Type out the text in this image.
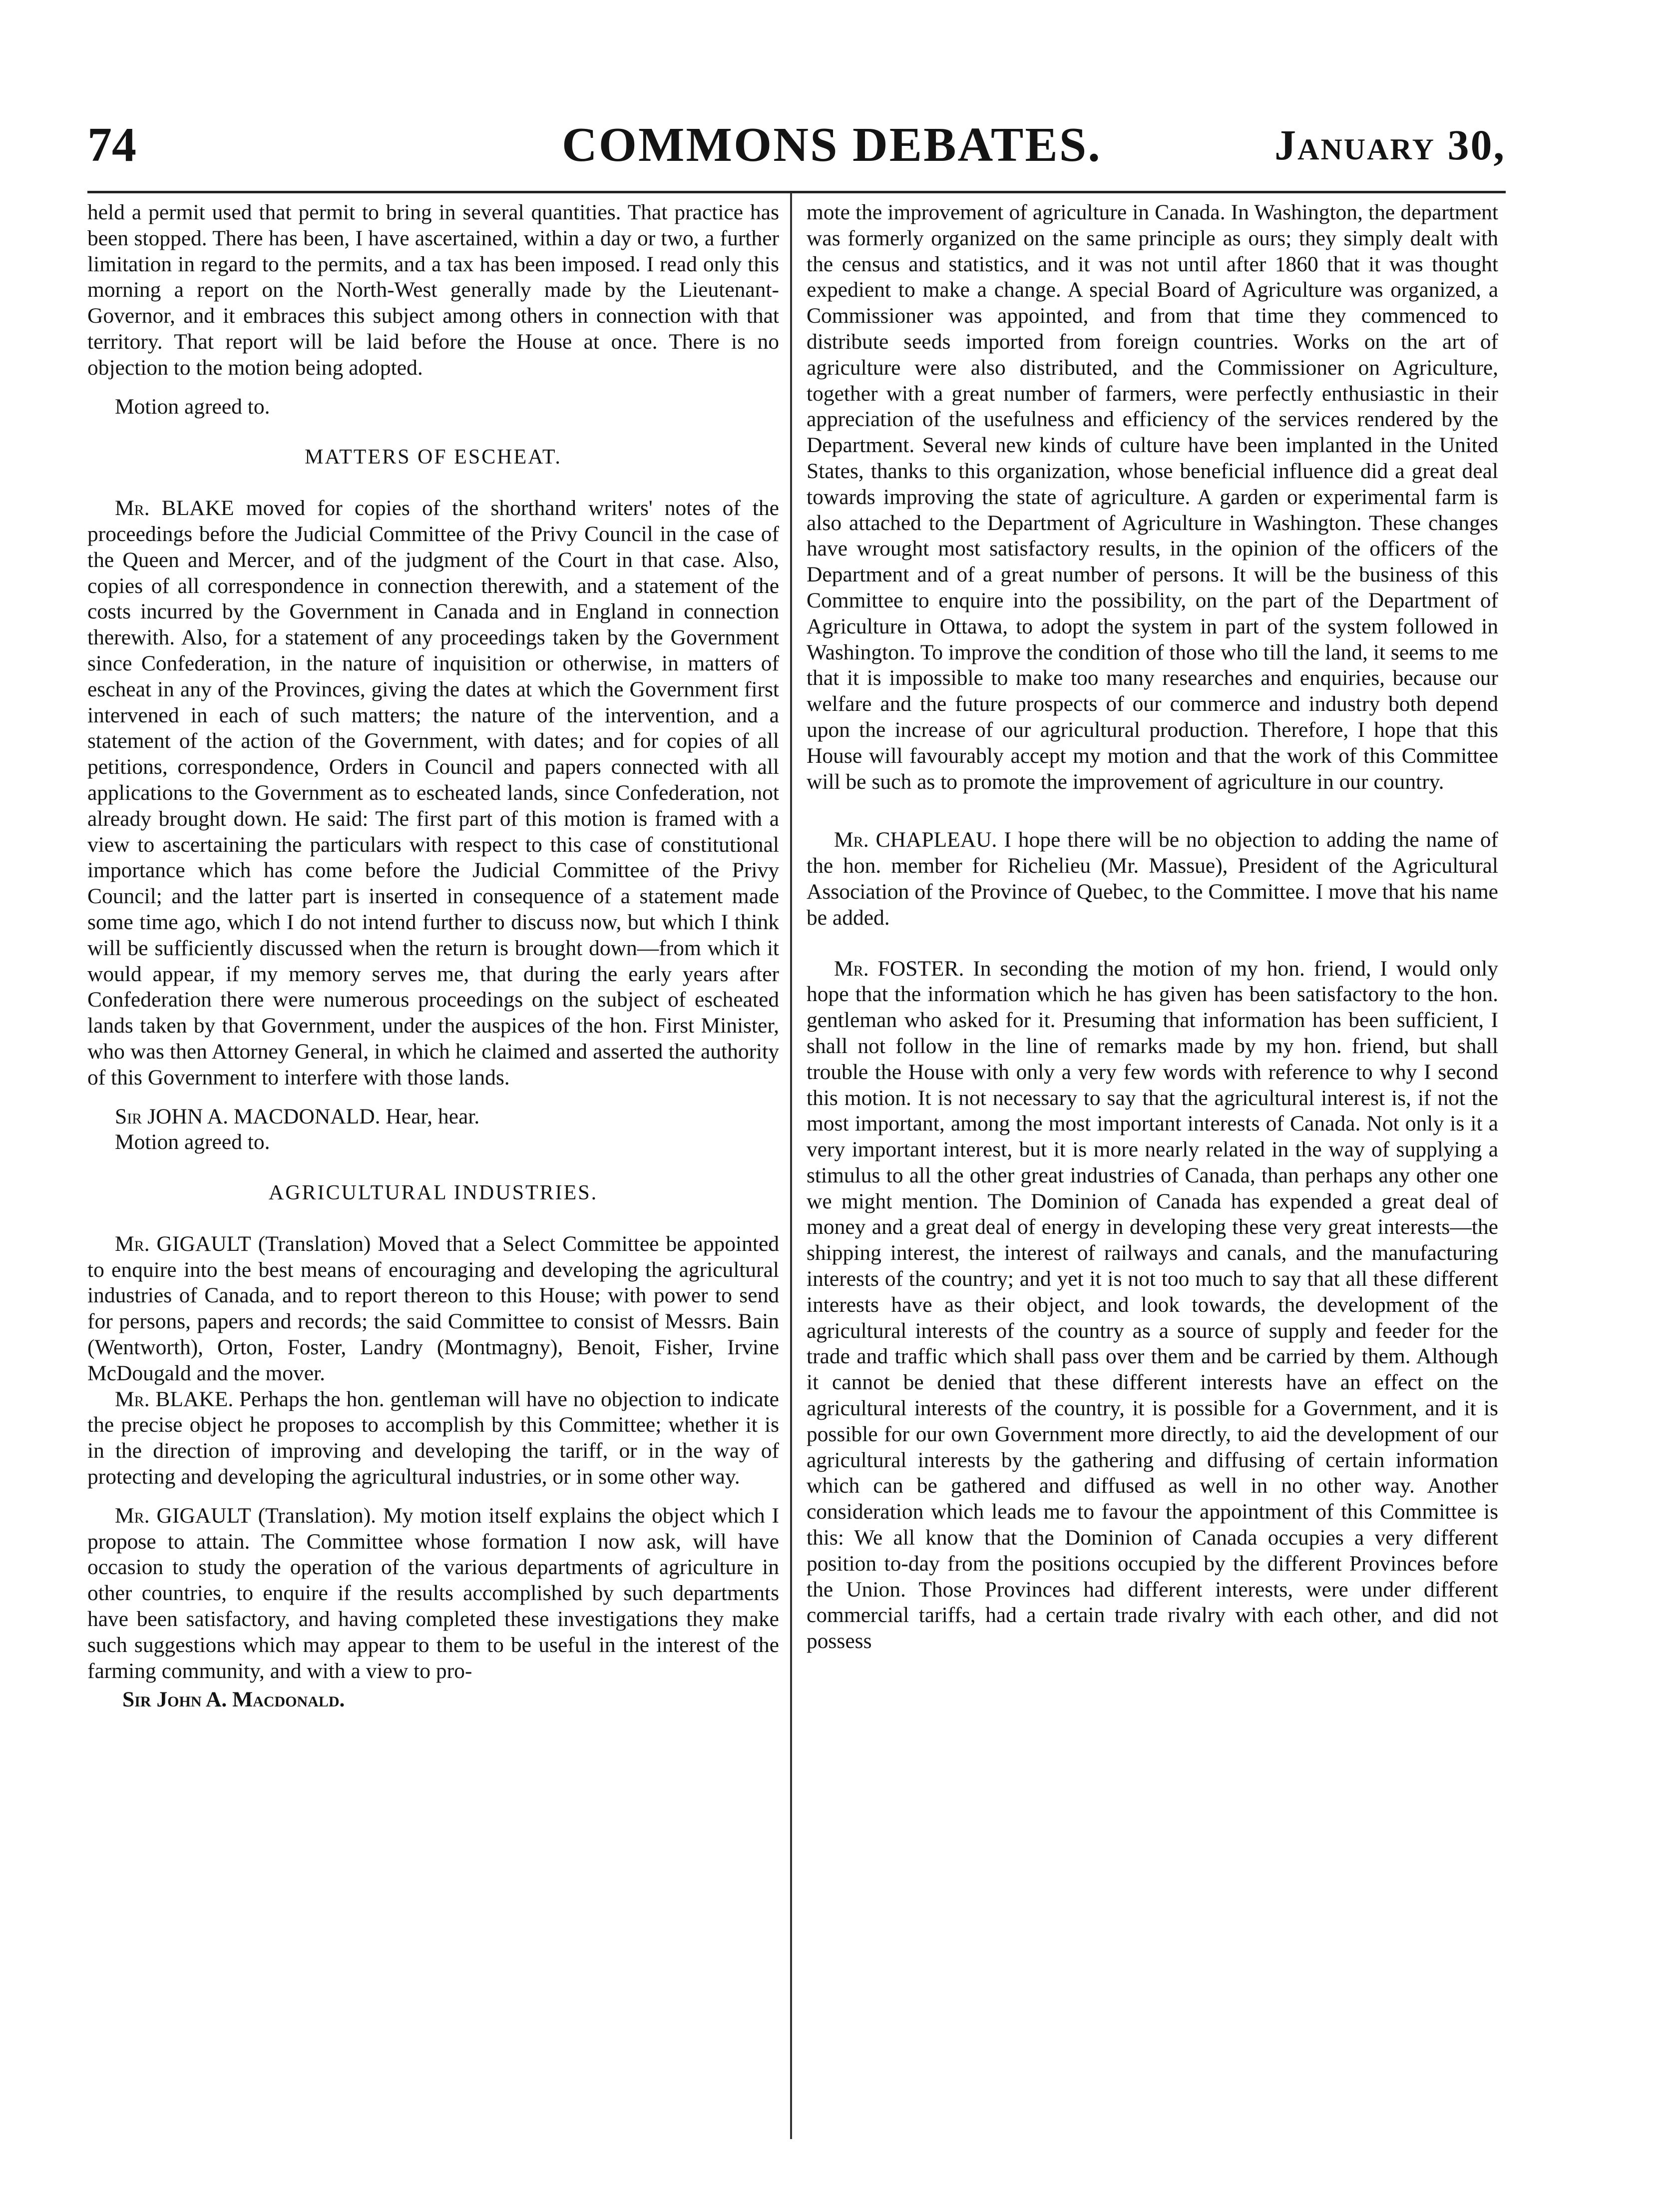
74	COMMONS DEBATES.	January 30,

held a permit used that permit to bring in several quantities. That practice has been stopped. There has been, I have ascertained, within a day or two, a further limitation in regard to the permits, and a tax has been imposed. I read only this morning a report on the North-West generally made by the Lieutenant-Governor, and it embraces this subject among others in connection with that territory. That report will be laid before the House at once. There is no objection to the motion being adopted.

Motion agreed to.

MATTERS OF ESCHEAT.

Mr. BLAKE moved for copies of the shorthand writers' notes of the proceedings before the Judicial Committee of the Privy Council in the case of the Queen and Mercer, and of the judgment of the Court in that case. Also, copies of all correspondence in connection therewith, and a statement of the costs incurred by the Government in Canada and in England in connection therewith. Also, for a statement of any proceedings taken by the Government since Confederation, in the nature of inquisition or otherwise, in matters of escheat in any of the Provinces, giving the dates at which the Government first intervened in each of such matters; the nature of the intervention, and a statement of the action of the Government, with dates; and for copies of all petitions, correspondence, Orders in Council and papers connected with all applications to the Government as to escheated lands, since Confederation, not already brought down. He said: The first part of this motion is framed with a view to ascertaining the particulars with respect to this case of constitutional importance which has come before the Judicial Committee of the Privy Council; and the latter part is inserted in consequence of a statement made some time ago, which I do not intend further to discuss now, but which I think will be sufficiently discussed when the return is brought down—from which it would appear, if my memory serves me, that during the early years after Confederation there were numerous proceedings on the subject of escheated lands taken by that Government, under the auspices of the hon. First Minister, who was then Attorney General, in which he claimed and asserted the authority of this Government to interfere with those lands.

Sir JOHN A. MACDONALD. Hear, hear.

Motion agreed to.

AGRICULTURAL INDUSTRIES.

Mr. GIGAULT (Translation) Moved that a Select Committee be appointed to enquire into the best means of encouraging and developing the agricultural industries of Canada, and to report thereon to this House; with power to send for persons, papers and records; the said Committee to consist of Messrs. Bain (Wentworth), Orton, Foster, Landry (Montmagny), Benoit, Fisher, Irvine McDougald and the mover.

Mr. BLAKE. Perhaps the hon. gentleman will have no objection to indicate the precise object he proposes to accomplish by this Committee; whether it is in the direction of improving and developing the tariff, or in the way of protecting and developing the agricultural industries, or in some other way.

Mr. GIGAULT (Translation). My motion itself explains the object which I propose to attain. The Committee whose formation I now ask, will have occasion to study the operation of the various departments of agriculture in other countries, to enquire if the results accomplished by such departments have been satisfactory, and having completed these investigations they make such suggestions which may appear to them to be useful in the interest of the farming community, and with a view to pro-

Sir John A. Macdonald.

mote the improvement of agriculture in Canada. In Washington, the department was formerly organized on the same principle as ours; they simply dealt with the census and statistics, and it was not until after 1860 that it was thought expedient to make a change. A special Board of Agriculture was organized, a Commissioner was appointed, and from that time they commenced to distribute seeds imported from foreign countries. Works on the art of agriculture were also distributed, and the Commissioner on Agriculture, together with a great number of farmers, were perfectly enthusiastic in their appreciation of the usefulness and efficiency of the services rendered by the Department. Several new kinds of culture have been implanted in the United States, thanks to this organization, whose beneficial influence did a great deal towards improving the state of agriculture. A garden or experimental farm is also attached to the Department of Agriculture in Washington. These changes have wrought most satisfactory results, in the opinion of the officers of the Department and of a great number of persons. It will be the business of this Committee to enquire into the possibility, on the part of the Department of Agriculture in Ottawa, to adopt the system in part of the system followed in Washington. To improve the condition of those who till the land, it seems to me that it is impossible to make too many researches and enquiries, because our welfare and the future prospects of our commerce and industry both depend upon the increase of our agricultural production. Therefore, I hope that this House will favourably accept my motion and that the work of this Committee will be such as to promote the improvement of agriculture in our country.

Mr. CHAPLEAU. I hope there will be no objection to adding the name of the hon. member for Richelieu (Mr. Massue), President of the Agricultural Association of the Province of Quebec, to the Committee. I move that his name be added.

Mr. FOSTER. In seconding the motion of my hon. friend, I would only hope that the information which he has given has been satisfactory to the hon. gentleman who asked for it. Presuming that information has been sufficient, I shall not follow in the line of remarks made by my hon. friend, but shall trouble the House with only a very few words with reference to why I second this motion. It is not necessary to say that the agricultural interest is, if not the most important, among the most important interests of Canada. Not only is it a very important interest, but it is more nearly related in the way of supplying a stimulus to all the other great industries of Canada, than perhaps any other one we might mention. The Dominion of Canada has expended a great deal of money and a great deal of energy in developing these very great interests—the shipping interest, the interest of railways and canals, and the manufacturing interests of the country; and yet it is not too much to say that all these different interests have as their object, and look towards, the development of the agricultural interests of the country as a source of supply and feeder for the trade and traffic which shall pass over them and be carried by them. Although it cannot be denied that these different interests have an effect on the agricultural interests of the country, it is possible for a Government, and it is possible for our own Government more directly, to aid the development of our agricultural interests by the gathering and diffusing of certain information which can be gathered and diffused as well in no other way. Another consideration which leads me to favour the appointment of this Committee is this: We all know that the Dominion of Canada occupies a very different position to-day from the positions occupied by the different Provinces before the Union. Those Provinces had different interests, were under different commercial tariffs, had a certain trade rivalry with each other, and did not possess
